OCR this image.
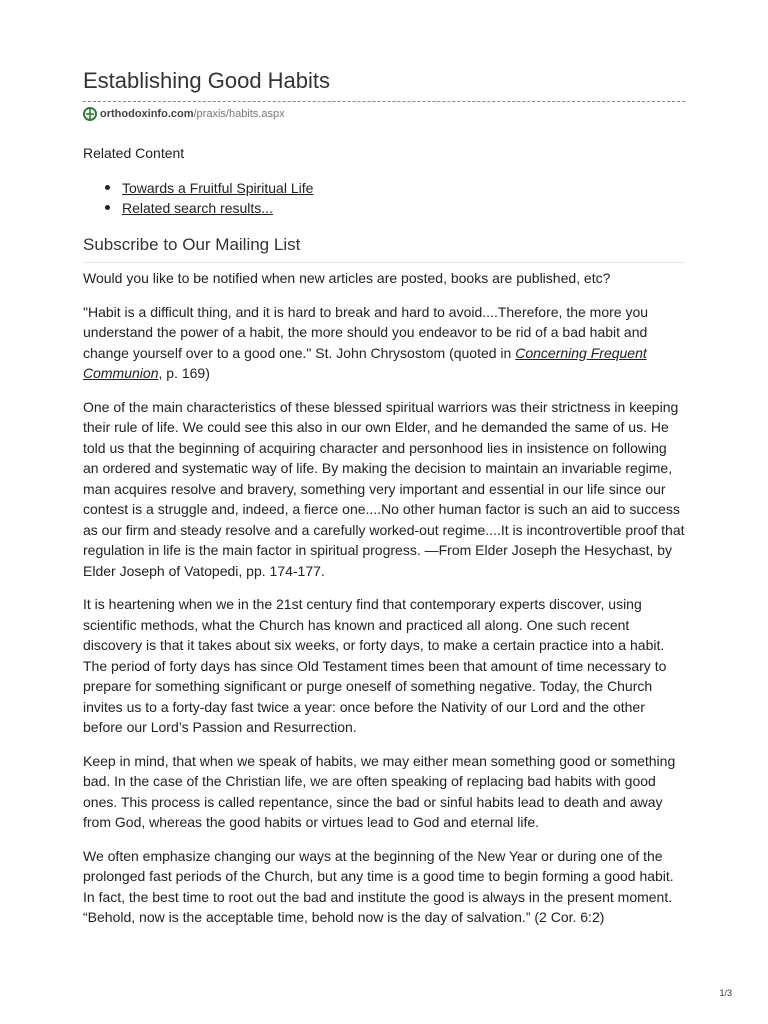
Establishing Good Habits
orthodoxinfo.com /praxis/habits.aspx
Related Content
Towards a Fruitful Spiritual Life
Related search results...
Subscribe to Our Mailing List

Would you like to be notified when new articles are posted, books are published, etc?

"Habit is a difficult thing, and it is hard to break and hard to avoid....Therefore, the more you understand the power of a habit, the more should you endeavor to be rid of a bad habit and change yourself over to a good one." St. John Chrysostom (quoted in Concerning Frequent Communion, p. 169)

One of the main characteristics of these blessed spiritual warriors was their strictness in keeping their rule of life. We could see this also in our own Elder, and he demanded the same of us. He told us that the beginning of acquiring character and personhood lies in insistence on following an ordered and systematic way of life. By making the decision to maintain an invariable regime, man acquires resolve and bravery, something very important and essential in our life since our contest is a struggle and, indeed, a fierce one....No other human factor is such an aid to success as our firm and steady resolve and a carefully worked-out regime....It is incontrovertible proof that regulation in life is the main factor in spiritual progress. —From Elder Joseph the Hesychast, by Elder Joseph of Vatopedi, pp. 174-177.

It is heartening when we in the 21st century find that contemporary experts discover, using scientific methods, what the Church has known and practiced all along. One such recent discovery is that it takes about six weeks, or forty days, to make a certain practice into a habit. The period of forty days has since Old Testament times been that amount of time necessary to prepare for something significant or purge oneself of something negative. Today, the Church invites us to a forty-day fast twice a year: once before the Nativity of our Lord and the other before our Lord’s Passion and Resurrection.

Keep in mind, that when we speak of habits, we may either mean something good or something bad. In the case of the Christian life, we are often speaking of replacing bad habits with good ones. This process is called repentance, since the bad or sinful habits lead to death and away from God, whereas the good habits or virtues lead to God and eternal life.

We often emphasize changing our ways at the beginning of the New Year or during one of the prolonged fast periods of the Church, but any time is a good time to begin forming a good habit. In fact, the best time to root out the bad and institute the good is always in the present moment. “Behold, now is the acceptable time, behold now is the day of salvation.” (2 Cor. 6:2)

1/3
